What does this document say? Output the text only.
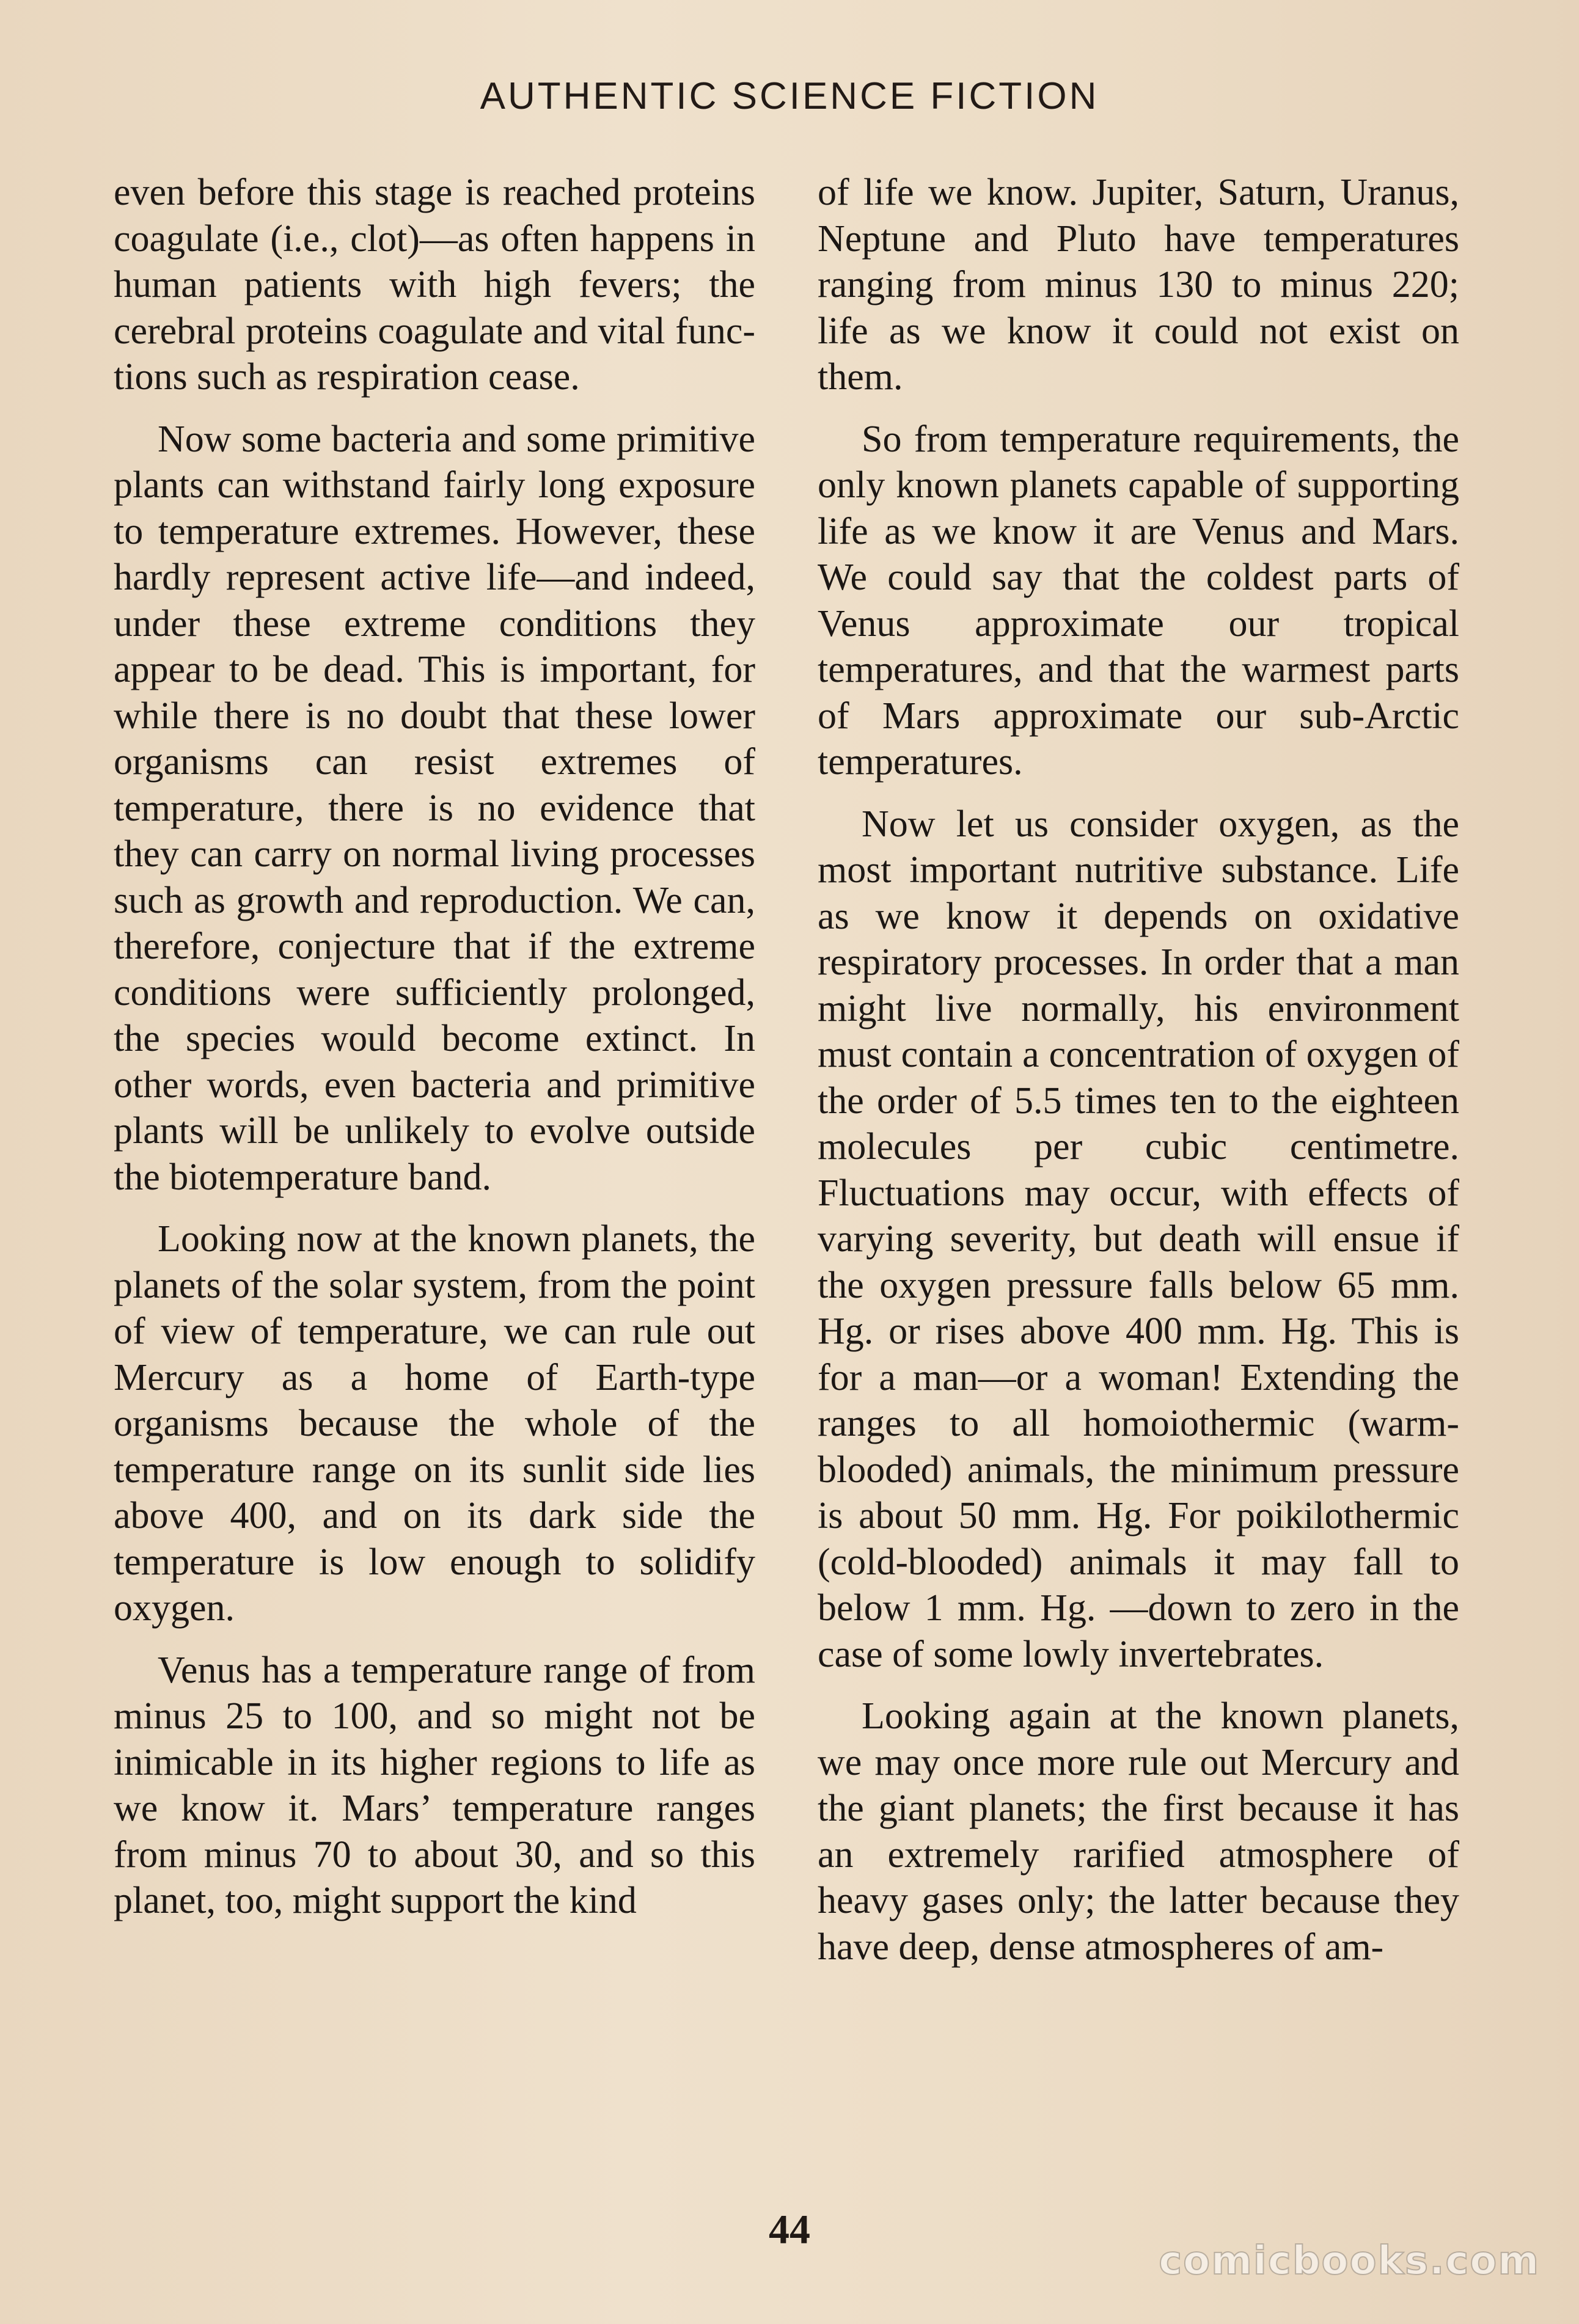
AUTHENTIC SCIENCE FICTION

even before this stage is reached proteins coagulate (i.e., clot)—as often happens in human patients with high fevers; the cerebral proteins coagulate and vital functions such as respiration cease.

Now some bacteria and some primitive plants can withstand fairly long exposure to temperature extremes. However, these hardly represent active life—and indeed, under these extreme conditions they appear to be dead. This is important, for while there is no doubt that these lower organisms can resist extremes of temperature, there is no evidence that they can carry on normal living processes such as growth and reproduction. We can, therefore, conjecture that if the extreme conditions were sufficiently prolonged, the species would become extinct. In other words, even bacteria and primitive plants will be unlikely to evolve outside the biotemperature band.

Looking now at the known planets, the planets of the solar system, from the point of view of temperature, we can rule out Mercury as a home of Earth-type organisms because the whole of the temperature range on its sunlit side lies above 400, and on its dark side the temperature is low enough to solidify oxygen.

Venus has a temperature range of from minus 25 to 100, and so might not be inimicable in its higher regions to life as we know it. Mars’ temperature ranges from minus 70 to about 30, and so this planet, too, might support the kind

of life we know. Jupiter, Saturn, Uranus, Neptune and Pluto have temperatures ranging from minus 130 to minus 220; life as we know it could not exist on them.

So from temperature requirements, the only known planets capable of supporting life as we know it are Venus and Mars. We could say that the coldest parts of Venus approximate our tropical temperatures, and that the warmest parts of Mars approximate our sub-Arctic temperatures.

Now let us consider oxygen, as the most important nutritive substance. Life as we know it depends on oxidative respiratory processes. In order that a man might live normally, his environment must contain a concentration of oxygen of the order of 5.5 times ten to the eighteen molecules per cubic centimetre. Fluctuations may occur, with effects of varying severity, but death will ensue if the oxygen pressure falls below 65 mm. Hg. or rises above 400 mm. Hg. This is for a man—or a woman! Extending the ranges to all homoiothermic (warm-blooded) animals, the minimum pressure is about 50 mm. Hg. For poikilothermic (cold-blooded) animals it may fall to below 1 mm. Hg. —down to zero in the case of some lowly invertebrates.

Looking again at the known planets, we may once more rule out Mercury and the giant planets; the first because it has an extremely rarified atmosphere of heavy gases only; the latter because they have deep, dense atmospheres of am-

44
comicbooks.com
